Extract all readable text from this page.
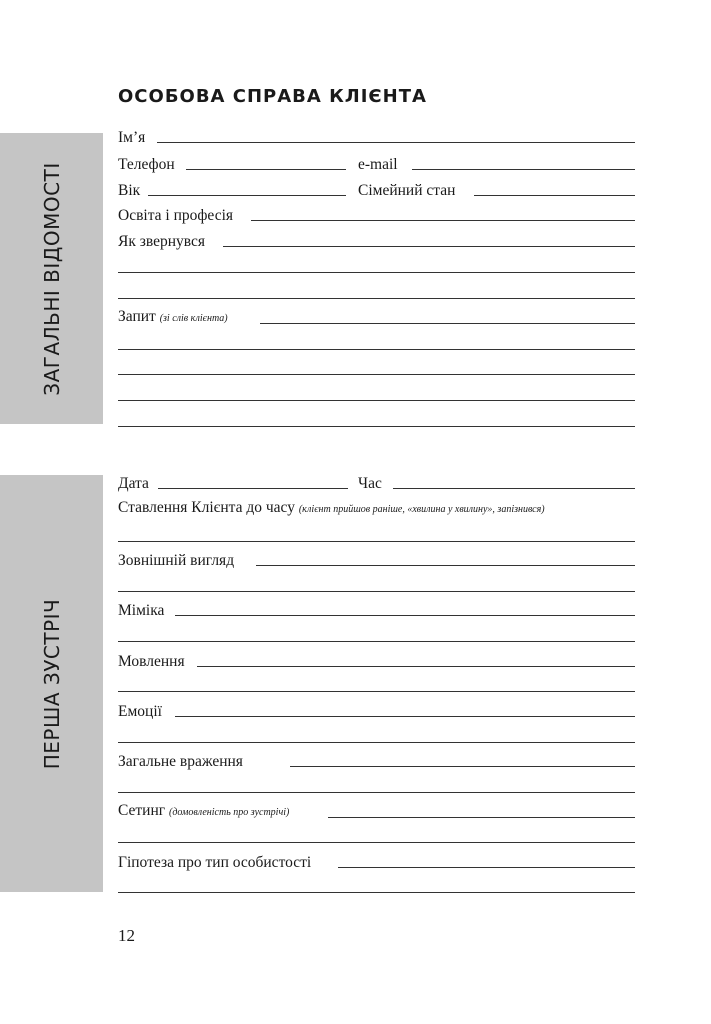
ОСОБОВА СПРАВА КЛІЄНТА
ЗАГАЛЬНІ ВІДОМОСТІ
ПЕРША ЗУСТРІЧ
Ім’я
Телефон	e-mail
Вік	Сімейний стан
Освіта і професія
Як звернувся
Запит (зі слів клієнта)
Дата	Час
Ставлення Клієнта до часу (клієнт прийшов раніше, «хвилина у хвилину», запізнився)
Зовнішній вигляд
Міміка
Мовлення
Емоції
Загальне враження
Сетинг (домовленість про зустрічі)
Гіпотеза про тип особистості
12
